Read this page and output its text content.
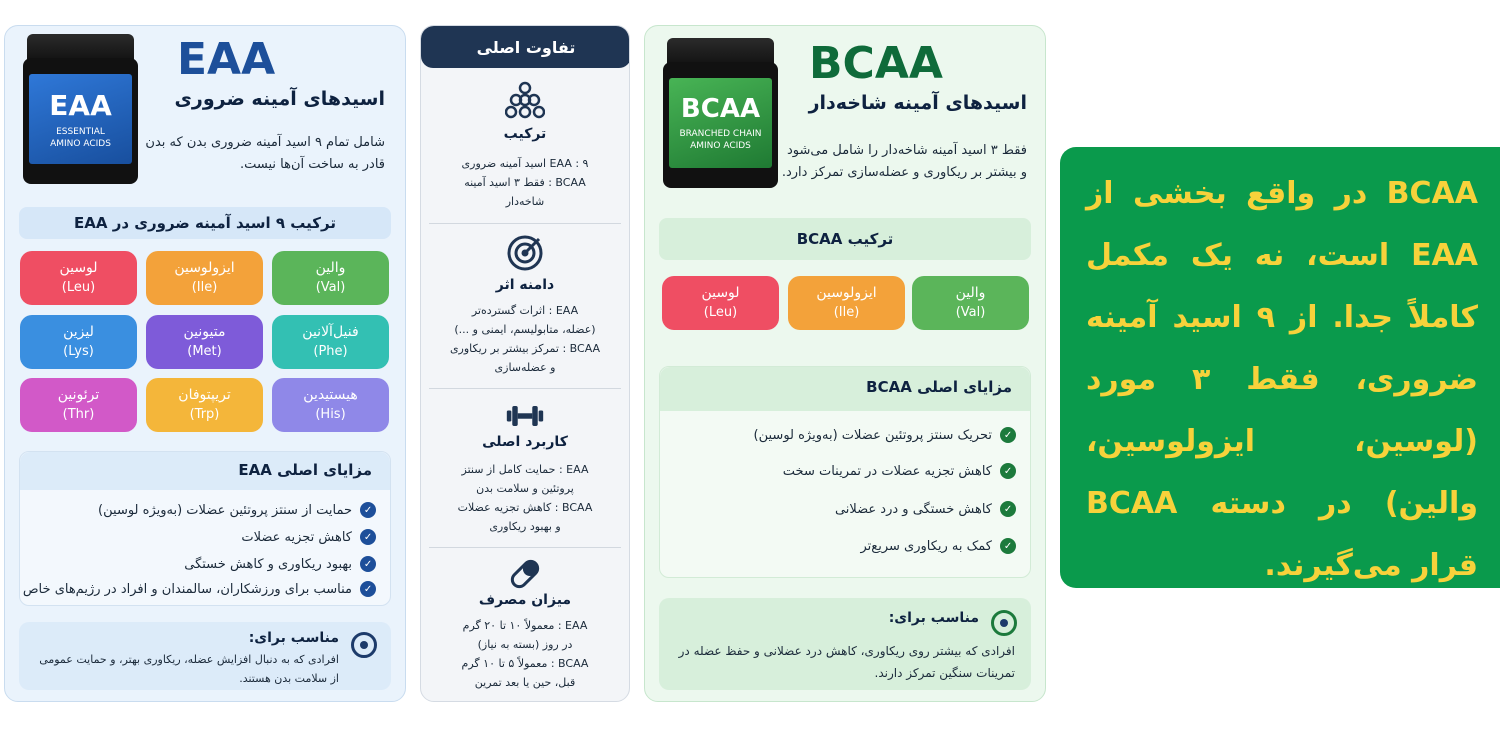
EAA
ESSENTIAL
AMINO ACIDS
EAA
اسیدهای آمینه ضروری
شامل تمام ۹ اسید آمینه ضروری بدن که بدن قادر به ساخت آن‌ها نیست.
ترکیب ۹ اسید آمینه ضروری در EAA
والین
(Val)
ایزولوسین
(Ile)
لوسین
(Leu)
فنیل‌آلانین
(Phe)
متیونین
(Met)
لیزین
(Lys)
هیستیدین
(His)
تریپتوفان
(Trp)
ترئونین
(Thr)
مزایای اصلی EAA
✓
حمایت از سنتز پروتئین عضلات (به‌ویژه لوسین)
✓
کاهش تجزیه عضلات
✓
بهبود ریکاوری و کاهش خستگی
✓
مناسب برای ورزشکاران، سالمندان و افراد در رژیم‌های خاص
مناسب برای:
افرادی که به دنبال افزایش عضله، ریکاوری بهتر، و حمایت عمومی از سلامت بدن هستند.
تفاوت اصلی
ترکیب
EAA : ۹ اسید آمینه ضروری
BCAA : فقط ۳ اسید آمینه
شاخه‌دار
دامنه اثر
EAA : اثرات گسترده‌تر
(عضله، متابولیسم، ایمنی و ...)
BCAA : تمرکز بیشتر بر ریکاوری
و عضله‌سازی
کاربرد اصلی
EAA : حمایت کامل از سنتز
پروتئین و سلامت بدن
BCAA : کاهش تجزیه عضلات
و بهبود ریکاوری
میزان مصرف
EAA : معمولاً ۱۰ تا ۲۰ گرم
در روز (بسته به نیاز)
BCAA : معمولاً ۵ تا ۱۰ گرم
قبل، حین یا بعد تمرین
BCAA
BRANCHED CHAIN
AMINO ACIDS
BCAA
اسیدهای آمینه شاخه‌دار
فقط ۳ اسید آمینه شاخه‌دار را شامل می‌شود و بیشتر بر ریکاوری و عضله‌سازی تمرکز دارد.
ترکیب BCAA
والین
(Val)
ایزولوسین
(Ile)
لوسین
(Leu)
مزایای اصلی BCAA
✓
تحریک سنتز پروتئین عضلات (به‌ویژه لوسین)
✓
کاهش تجزیه عضلات در تمرینات سخت
✓
کاهش خستگی و درد عضلانی
✓
کمک به ریکاوری سریع‌تر
مناسب برای:
افرادی که بیشتر روی ریکاوری، کاهش درد عضلانی و حفظ عضله در تمرینات سنگین تمرکز دارند.
BCAA در واقع بخشی از EAA است، نه یک مکمل کاملاً جدا. از ۹ اسید آمینه ضروری، فقط ۳ مورد (لوسین، ایزولوسین، والین) در دسته BCAA قرار می‌گیرند.
